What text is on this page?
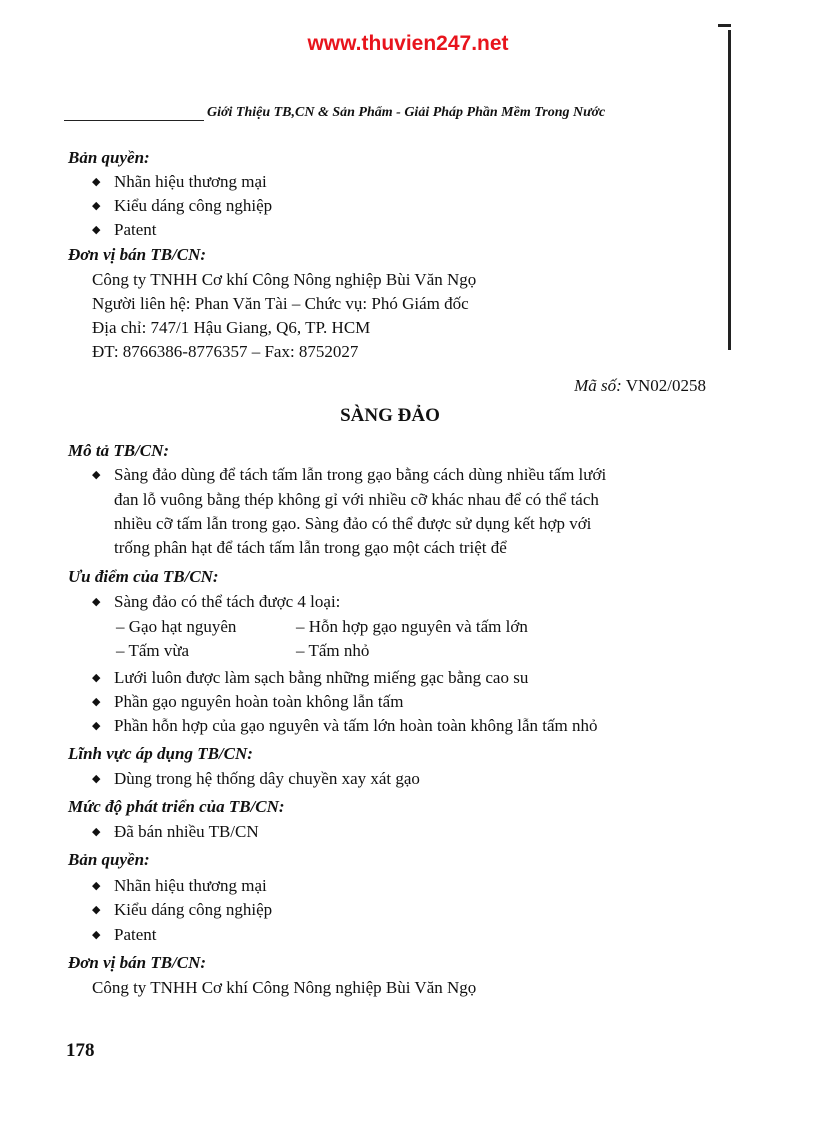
www.thuvien247.net
Giới Thiệu TB,CN & Sản Phẩm - Giải Pháp Phần Mềm Trong Nước
Bản quyền:
◆ Nhãn hiệu thương mại
◆ Kiểu dáng công nghiệp
◆ Patent
Đơn vị bán TB/CN:
Công ty TNHH Cơ khí Công Nông nghiệp Bùi Văn Ngọ
Người liên hệ: Phan Văn Tài – Chức vụ: Phó Giám đốc
Địa chỉ: 747/1 Hậu Giang, Q6, TP. HCM
ĐT: 8766386-8776357 – Fax: 8752027
Mã số: VN02/0258
SÀNG ĐẢO
Mô tả TB/CN:
◆ Sàng đảo dùng để tách tấm lẫn trong gạo bằng cách dùng nhiều tấm lưới
đan lỗ vuông bằng thép không gỉ với nhiều cỡ khác nhau để có thể tách
nhiều cỡ tấm lẫn trong gạo. Sàng đảo có thể được sử dụng kết hợp với
trống phân hạt để tách tấm lẫn trong gạo một cách triệt để
Ưu điểm của TB/CN:
◆ Sàng đảo có thể tách được 4 loại:
– Gạo hạt nguyên	– Hỗn hợp gạo nguyên và tấm lớn
– Tấm vừa	– Tấm nhỏ
◆ Lưới luôn được làm sạch bằng những miếng gạc bằng cao su
◆ Phần gạo nguyên hoàn toàn không lẫn tấm
◆ Phần hỗn hợp của gạo nguyên và tấm lớn hoàn toàn không lẫn tấm nhỏ
Lĩnh vực áp dụng TB/CN:
◆ Dùng trong hệ thống dây chuyền xay xát gạo
Mức độ phát triển của TB/CN:
◆ Đã bán nhiều TB/CN
Bản quyền:
◆ Nhãn hiệu thương mại
◆ Kiểu dáng công nghiệp
◆ Patent
Đơn vị bán TB/CN:
Công ty TNHH Cơ khí Công Nông nghiệp Bùi Văn Ngọ
178
